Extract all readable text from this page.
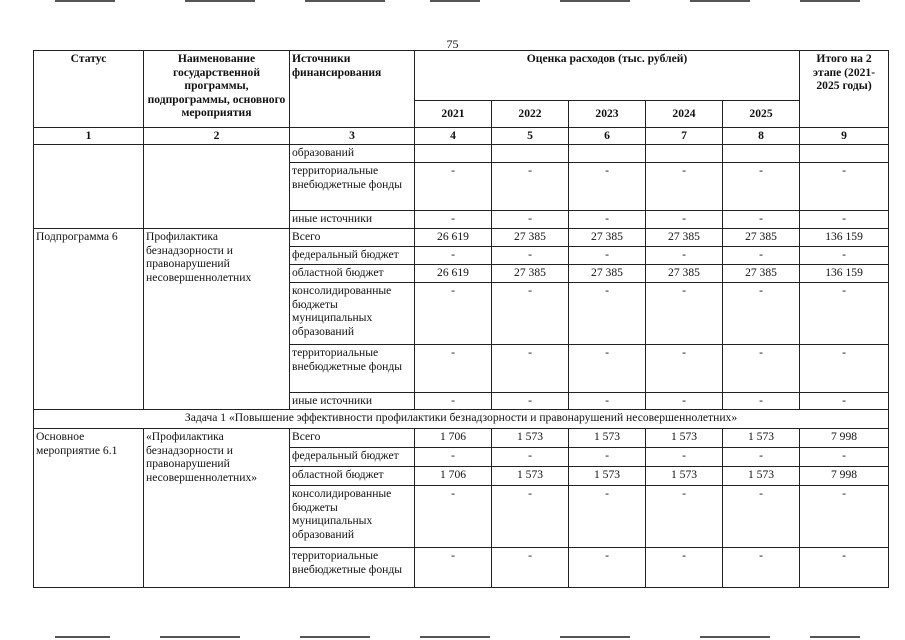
75
Статус	Наименование государственной программы, подпрограммы, основного мероприятия	Источники финансирования	Оценка расходов (тыс. рублей)					Итого на 2 этапе (2021-2025 годы)
			2021	2022	2023	2024	2025	
1	2	3	4	5	6	7	8	9
		образований						
		территориальные внебюджетные фонды	-	-	-	-	-	-
		иные источники	-	-	-	-	-	-
Подпрограмма 6	Профилактика безнадзорности и правонарушений несовершеннолетних	Всего	26 619	27 385	27 385	27 385	27 385	136 159
		федеральный бюджет	-	-	-	-	-	-
		областной бюджет	26 619	27 385	27 385	27 385	27 385	136 159
		консолидированные бюджеты муниципальных образований	-	-	-	-	-	-
		территориальные внебюджетные фонды	-	-	-	-	-	-
		иные источники	-	-	-	-	-	-
Задача 1 «Повышение эффективности профилактики безнадзорности и правонарушений несовершеннолетних»								
Основное мероприятие 6.1	«Профилактика безнадзорности и правонарушений несовершеннолетних»	Всего	1 706	1 573	1 573	1 573	1 573	7 998
		федеральный бюджет	-	-	-	-	-	-
		областной бюджет	1 706	1 573	1 573	1 573	1 573	7 998
		консолидированные бюджеты муниципальных образований	-	-	-	-	-	-
		территориальные внебюджетные фонды	-	-	-	-	-	-
